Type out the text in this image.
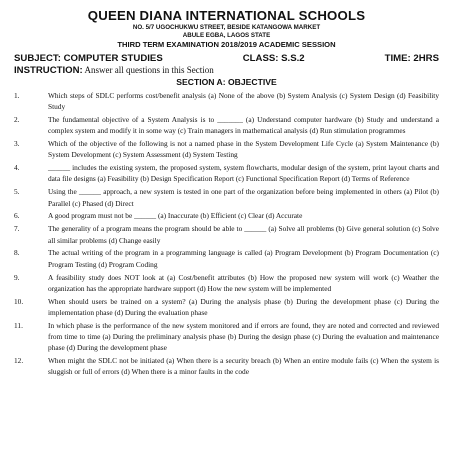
QUEEN DIANA INTERNATIONAL SCHOOLS
NO. 5/7 UGOCHUKWU STREET, BESIDE KATANGOWA MARKET
ABULE EGBA, LAGOS STATE
THIRD TERM EXAMINATION 2018/2019 ACADEMIC SESSION
SUBJECT: COMPUTER STUDIES	CLASS: S.S.2	TIME: 2HRS
INSTRUCTION: Answer all questions in this Section
SECTION A: OBJECTIVE
1.	Which steps of SDLC performs cost/benefit analysis (a) None of the above (b) System Analysis (c) System Design (d) Feasibility Study
2.	The fundamental objective of a System Analysis is to _______ (a) Understand computer hardware (b) Study and understand a complex system and modify it in some way (c) Train managers in mathematical analysis (d) Run stimulation programmes
3.	Which of the objective of the following is not a named phase in the System Development Life Cycle (a) System Maintenance (b) System Development (c) System Assessment (d) System Testing
4.	______ includes the existing system, the proposed system, system flowcharts, modular design of the system, print layout charts and data file designs (a) Feasibility (b) Design Specification Report (c) Functional Specification Report (d) Terms of Reference
5.	Using the ______ approach, a new system is tested in one part of the organization before being implemented in others (a) Pilot (b) Parallel (c) Phased (d) Direct
6.	A good program must not be ______ (a) Inaccurate (b) Efficient (c) Clear (d) Accurate
7.	The generality of a program means the program should be able to ______ (a) Solve all problems (b) Give general solution (c) Solve all similar problems (d) Change easily
8.	The actual writing of the program in a programming language is called (a) Program Development (b) Program Documentation (c) Program Testing (d) Program Coding
9.	A feasibility study does NOT look at (a) Cost/benefit attributes (b) How the proposed new system will work (c) Weather the organization has the appropriate hardware support (d) How the new system will be implemented
10.	When should users be trained on a system? (a) During the analysis phase (b) During the development phase (c) During the implementation phase (d) During the evaluation phase
11.	In which phase is the performance of the new system monitored and if errors are found, they are noted and corrected and reviewed from time to time (a) During the preliminary analysis phase (b) During the design phase (c) During the evaluation and maintenance phase (d) During the development phase
12.	When might the SDLC not be initiated (a) When there is a security breach (b) When an entire module fails (c) When the system is sluggish or full of errors (d) When there is a minor faults in the code
